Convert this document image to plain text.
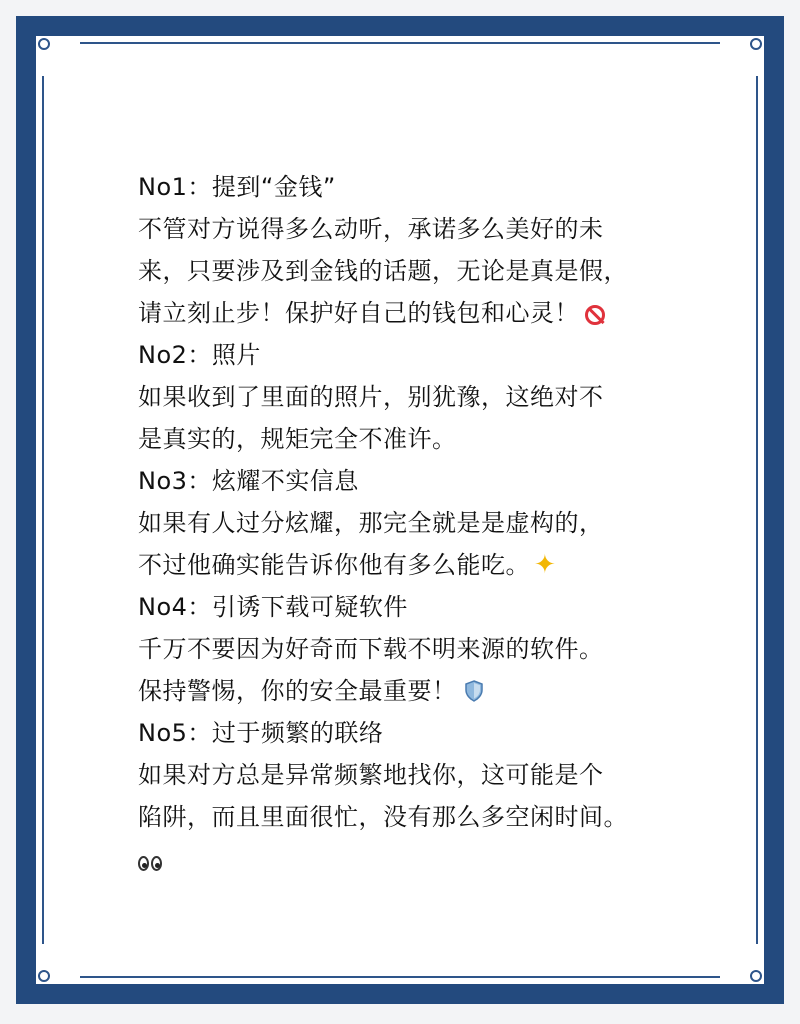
No1：提到“金钱”
不管对方说得多么动听，承诺多么美好的未
来，只要涉及到金钱的话题，无论是真是假，
请立刻止步！保护好自己的钱包和心灵！
No2：照片
如果收到了里面的照片，别犹豫，这绝对不
是真实的，规矩完全不准许。
No3：炫耀不实信息
如果有人过分炫耀，那完全就是是虚构的，
不过他确实能告诉你他有多么能吃。 ✦
No4：引诱下载可疑软件
千万不要因为好奇而下载不明来源的软件。
保持警惕，你的安全最重要！
No5：过于频繁的联络
如果对方总是异常频繁地找你，这可能是个
陷阱，而且里面很忙，没有那么多空闲时间。
